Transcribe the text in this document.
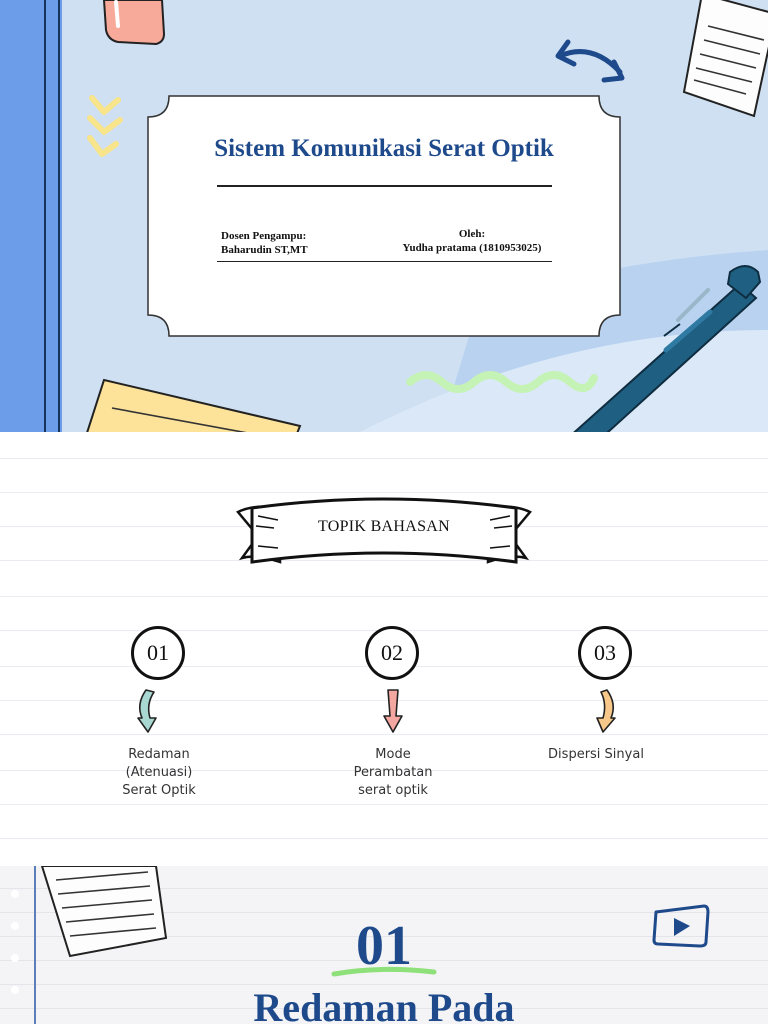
Sistem Komunikasi Serat Optik
Dosen Pengampu:
Baharudin ST,MT
Oleh:
Yudha pratama (1810953025)
TOPIK BAHASAN
01
Redaman
(Atenuasi)
Serat Optik
02
Mode
Perambatan
serat optik
03
Dispersi Sinyal
01
Redaman Pada
